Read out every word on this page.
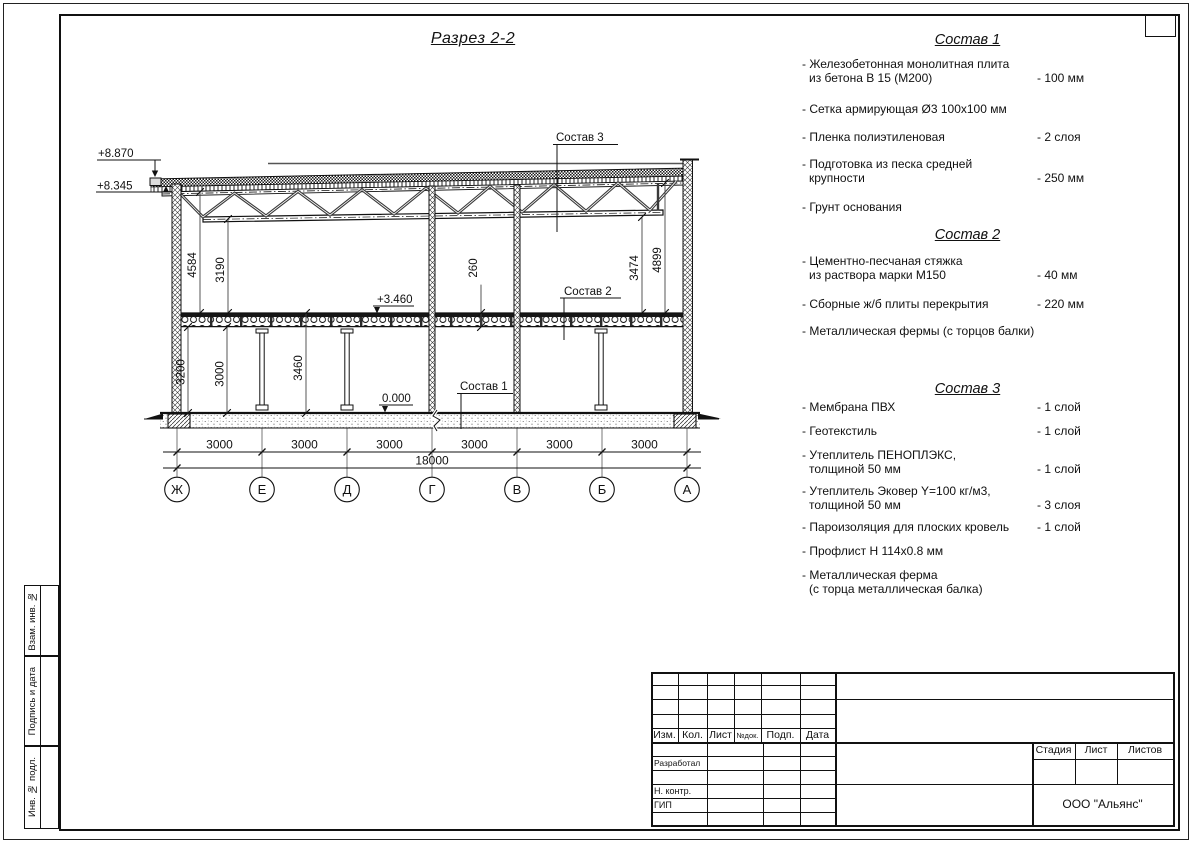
Разрез 2-2
Состав 3
Состав 2
Состав 1
+8.870
+8.345
+3.460
0.000
4584 3190
3200 3000	3460
260	3474 4899
3000	3000	3000	3000	3000	3000
18000
Ж	Е	Д	Г	В	Б	А
Состав 1
- Железобетонная монолитная плита
из бетона В 15 (М200)	- 100 мм
- Сетка армирующая Ø3 100х100 мм
- Пленка полиэтиленовая	- 2 слоя
- Подготовка из песка средней
крупности	- 250 мм
- Грунт основания
Состав 2
- Цементно-песчаная стяжка
из раствора марки М150	- 40 мм
- Сборные ж/б плиты перекрытия	- 220 мм
- Металлическая фермы (с торцов балки)
Состав 3
- Мембрана ПВХ	- 1 слой
- Геотекстиль	- 1 слой
- Утеплитель ПЕНОПЛЭКС,
толщиной 50 мм	- 1 слой
- Утеплитель Эковер Y=100 кг/м3,
толщиной 50 мм	- 3 слоя
- Пароизоляция для плоских кровель	- 1 слой
- Профлист Н 114х0.8 мм
- Металлическая ферма
(с торца металлическая балка)
Изм. Кол. Лист №док. Подп.	Дата
Разработал
Н. контр.
ГИП
Стадия	Лист	Листов
ООО "Альянс"
Взам. инв. №
Подпись и дата
Инв. № подл.
